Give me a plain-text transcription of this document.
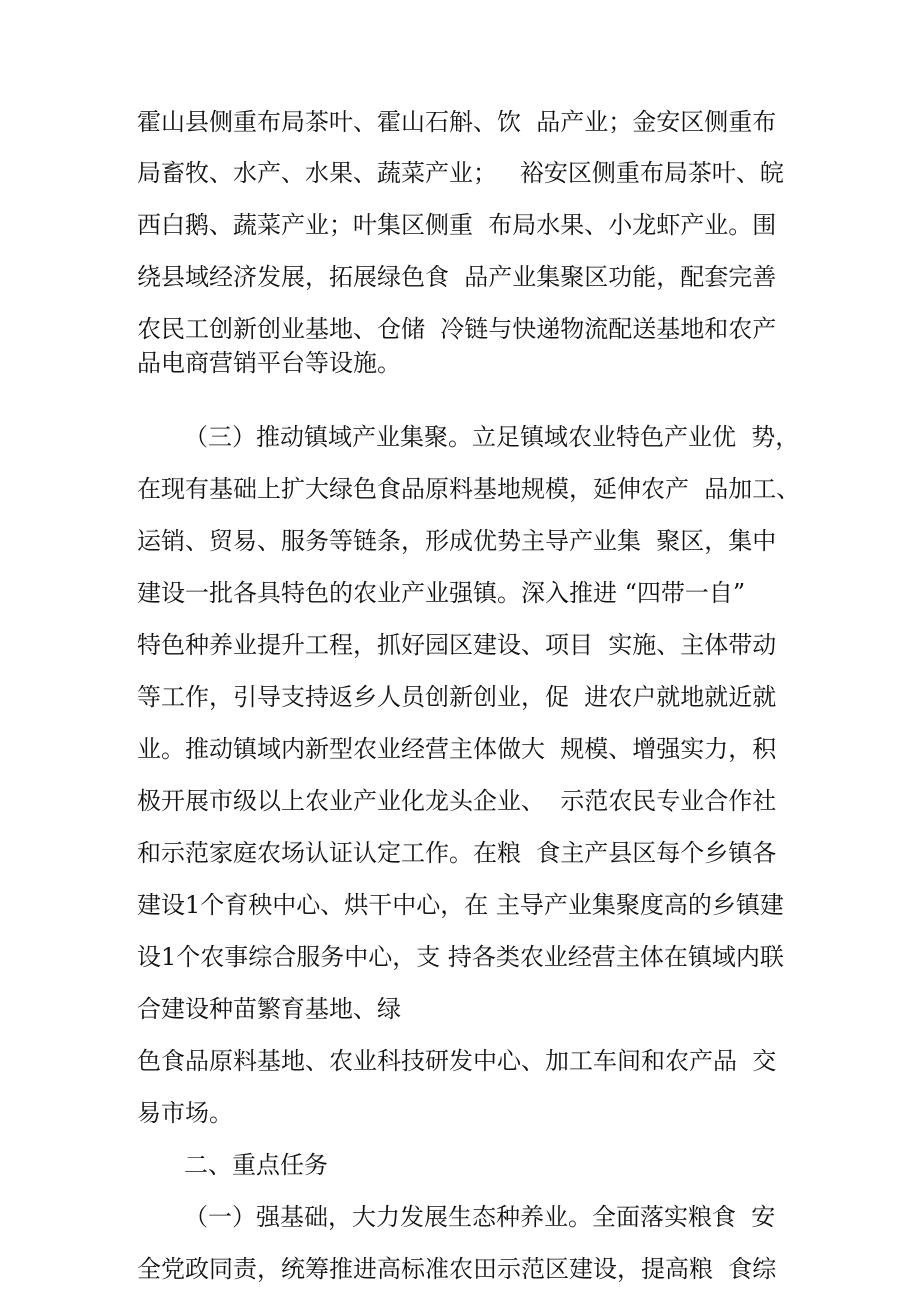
霍山县侧重布局茶叶、霍山石斛、饮  品产业；金安区侧重布
局畜牧、水产、水果、蔬菜产业；   裕安区侧重布局茶叶、皖
西白鹅、蔬菜产业；叶集区侧重  布局水果、小龙虾产业。围
绕县域经济发展，拓展绿色食  品产业集聚区功能，配套完善
农民工创新创业基地、仓储  冷链与快递物流配送基地和农产
品电商营销平台等设施。
（三）推动镇域产业集聚。立足镇域农业特色产业优  势，
在现有基础上扩大绿色食品原料基地规模，延伸农产  品加工、
运销、贸易、服务等链条，形成优势主导产业集  聚区，集中
建设一批各具特色的农业产业强镇。深入推进 “四带一自”
特色种养业提升工程，抓好园区建设、项目  实施、主体带动
等工作，引导支持返乡人员创新创业，促  进农户就地就近就
业。推动镇域内新型农业经营主体做大  规模、增强实力，积
极开展市级以上农业产业化龙头企业、  示范农民专业合作社
和示范家庭农场认证认定工作。在粮  食主产县区每个乡镇各
建设1个育秧中心、烘干中心，在 主导产业集聚度高的乡镇建
设1个农事综合服务中心，支 持各类农业经营主体在镇域内联
合建设种苗繁育基地、绿
色食品原料基地、农业科技研发中心、加工车间和农产品  交
易市场。
二、重点任务
（一）强基础，大力发展生态种养业。全面落实粮食  安
全党政同责，统筹推进高标准农田示范区建设，提高粮  食综
